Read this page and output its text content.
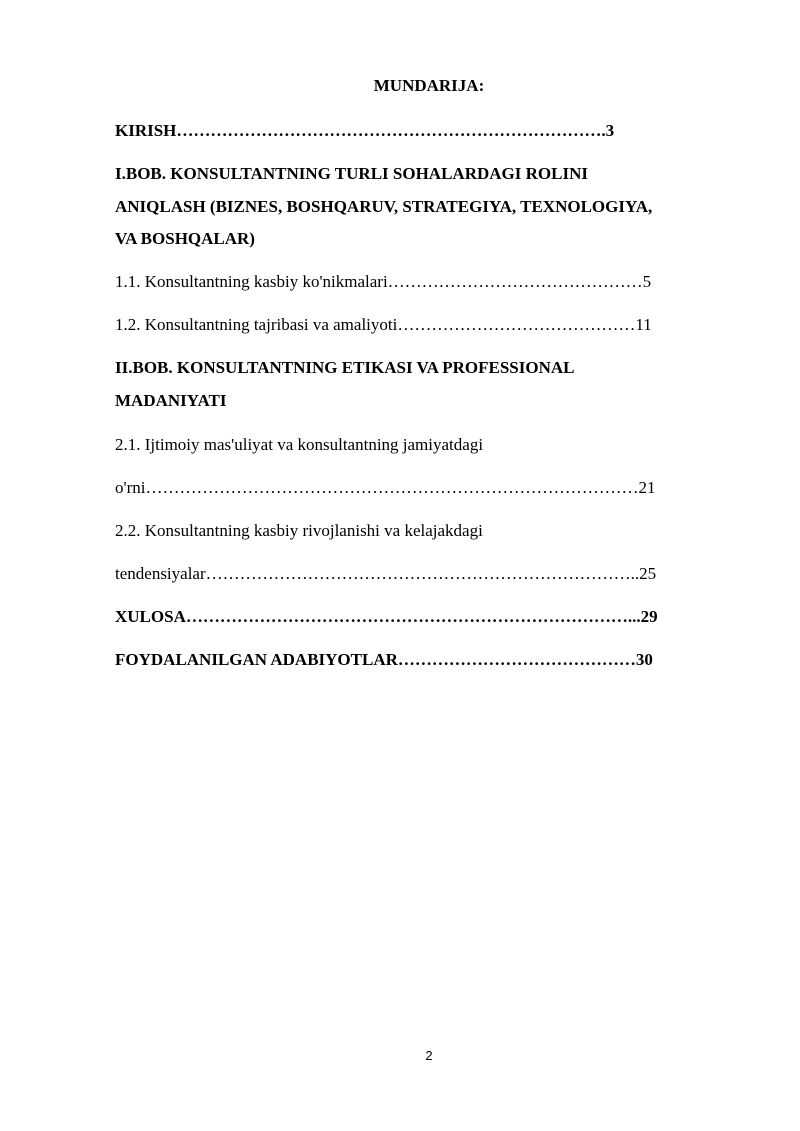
MUNDARIJA:
KIRISH………………………………………………………………….3
I.BOB. KONSULTANTNING TURLI SOHALARDAGI ROLINI
ANIQLASH (BIZNES, BOSHQARUV, STRATEGIYA, TEXNOLOGIYA,
VA BOSHQALAR)
1.1. Konsultantning kasbiy ko'nikmalari………………………………………5
1.2. Konsultantning tajribasi va amaliyoti……………………………………11
II.BOB. KONSULTANTNING ETIKASI VA PROFESSIONAL
MADANIYATI
2.1. Ijtimoiy mas'uliyat va konsultantning jamiyatdagi
o'rni……………………………………………………………………………21
2.2. Konsultantning kasbiy rivojlanishi va kelajakdagi
tendensiyalar…………………………………………………………………..25
XULOSA……………………………………………………………………...29
FOYDALANILGAN ADABIYOTLAR……………………………………30
2
